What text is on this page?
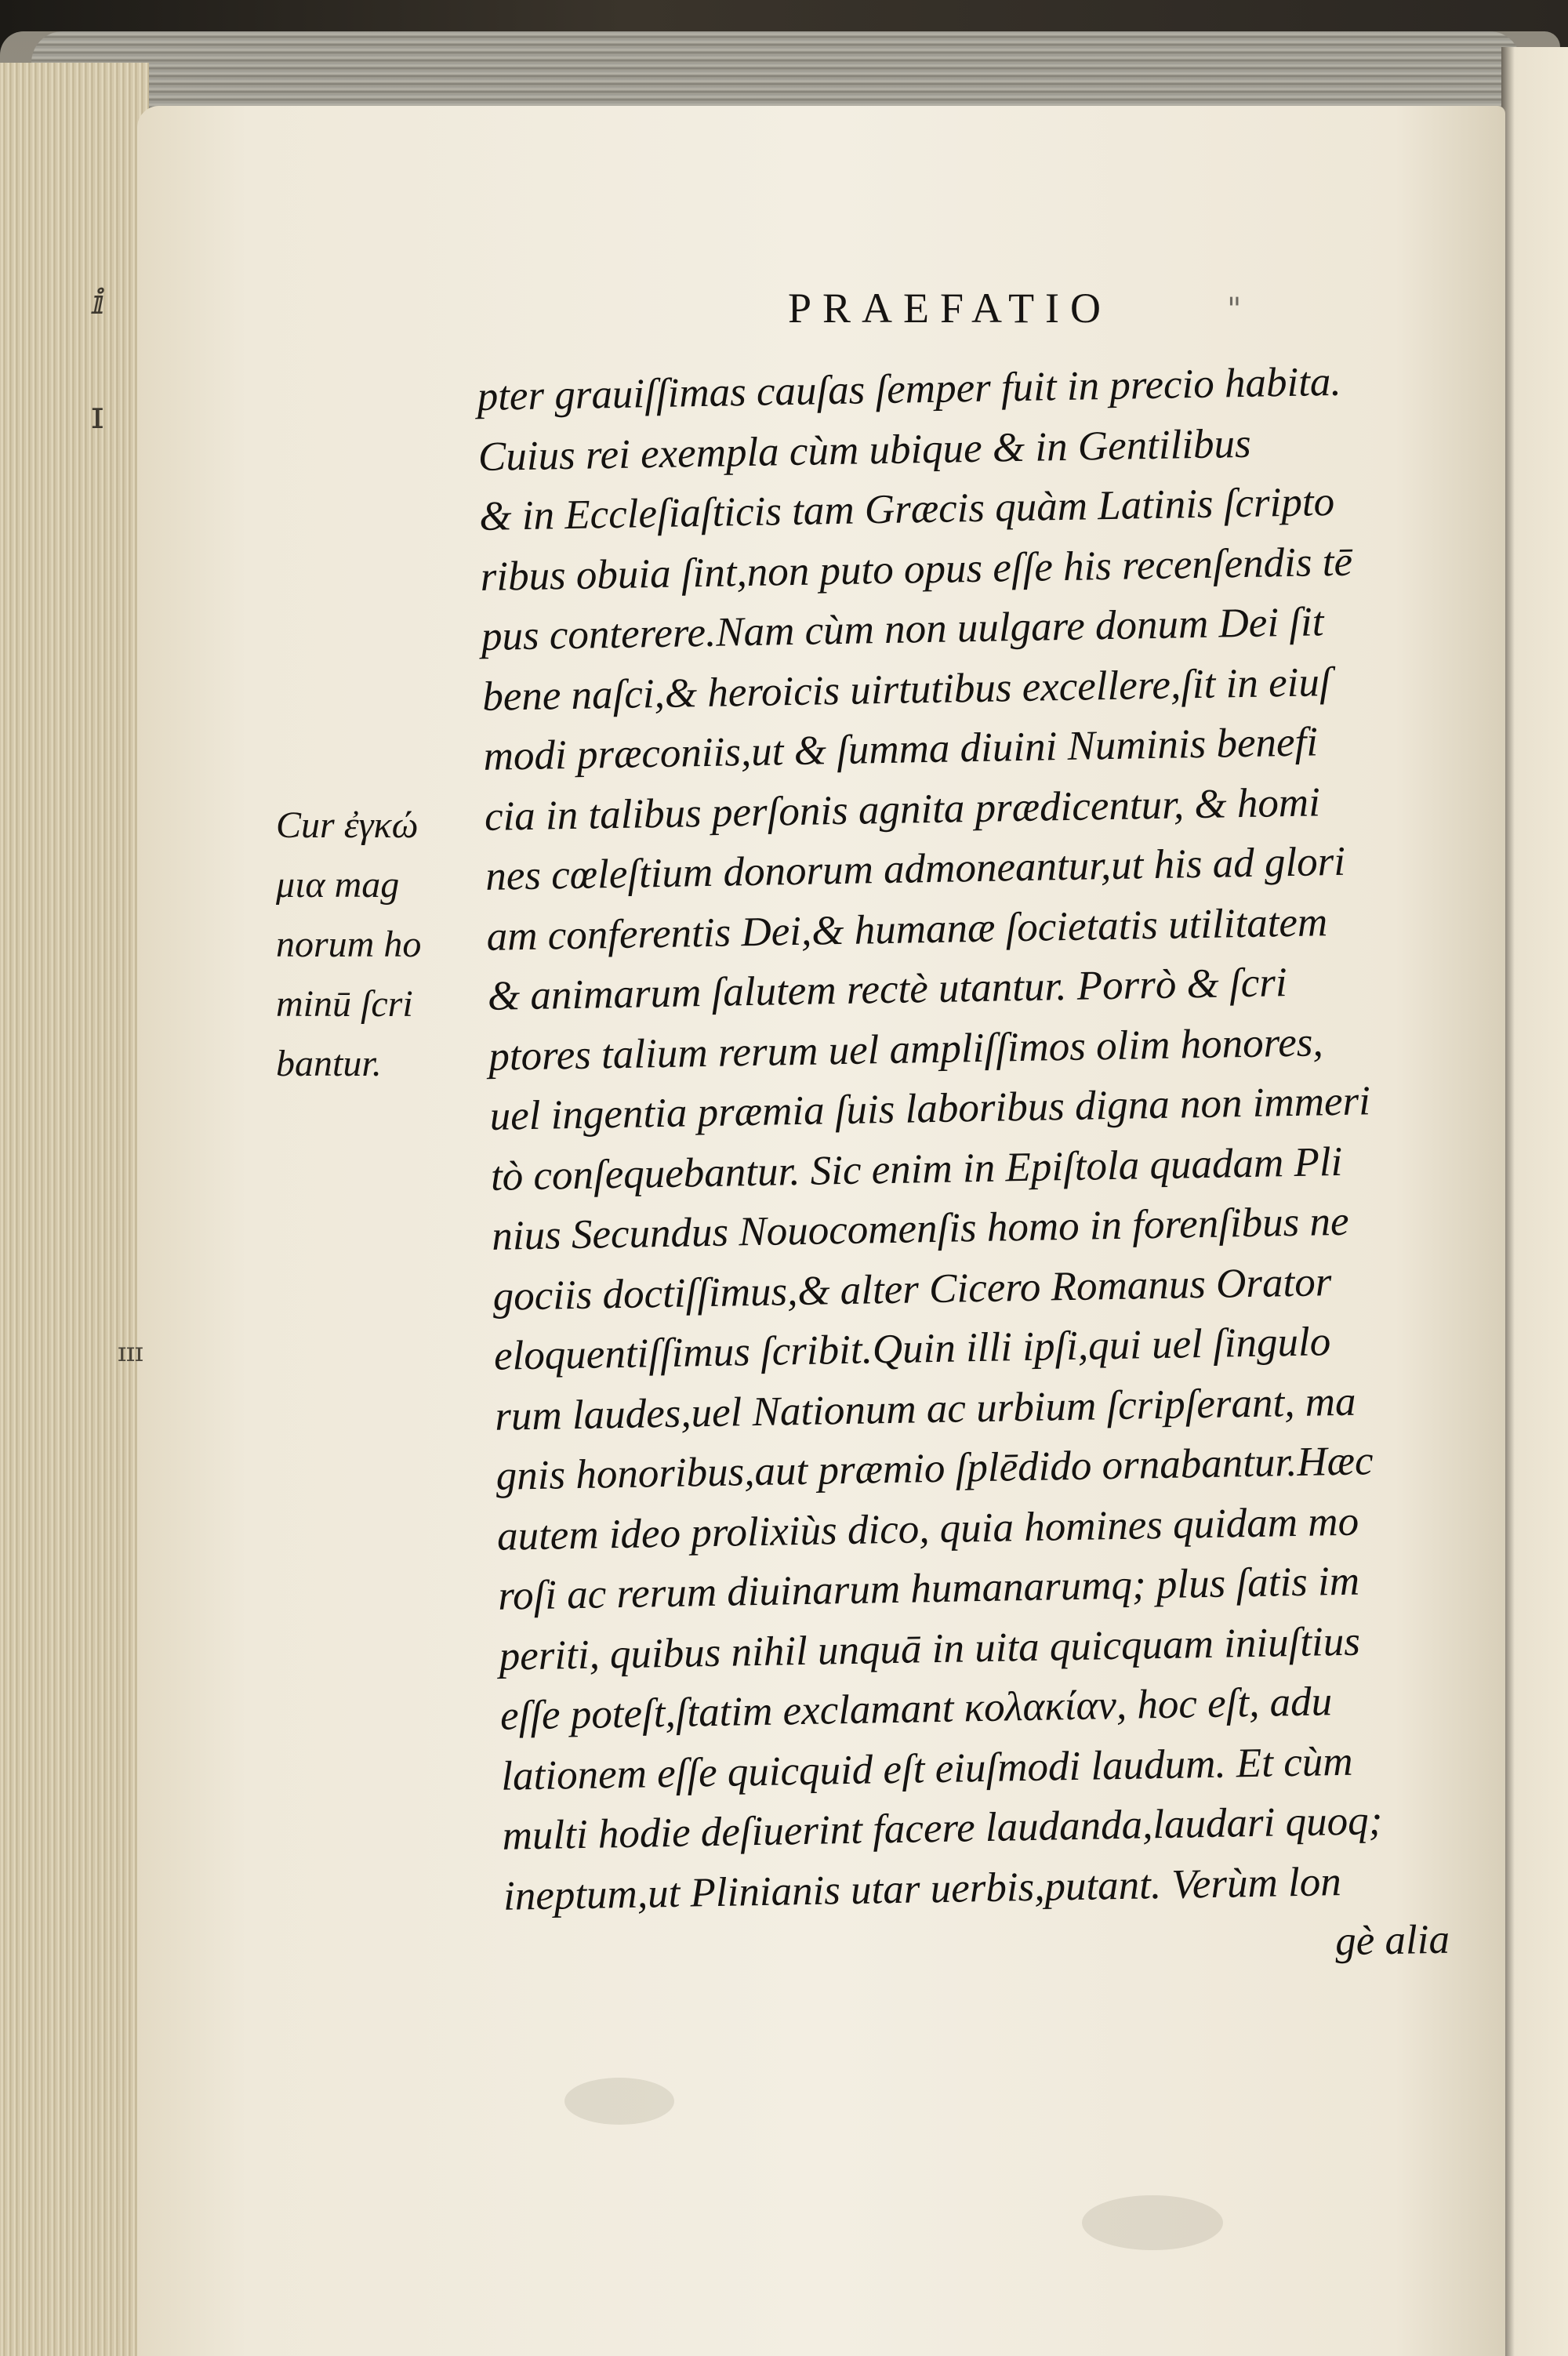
ⅈ
ɪ
ɪɪɪ
PRAEFATIO	"
Cur ἐγκώ
μια mag
norum ho
minū ſcri
bantur.
pter grauiſſimas cauſas ſemper fuit in precio habita.
Cuius rei exempla cùm ubique & in Gentilibus
& in Eccleſiaſticis tam Græcis quàm Latinis ſcripto
ribus obuia ſint,non puto opus eſſe his recenſendis tē
pus conterere.Nam cùm non uulgare donum Dei ſit
bene naſci,& heroicis uirtutibus excellere,ſit in eiuſ
modi præconiis,ut & ſumma diuini Numinis benefi
cia in talibus perſonis agnita prædicentur, & homi
nes cœleſtium donorum admoneantur,ut his ad glori
am conferentis Dei,& humanæ ſocietatis utilitatem
& animarum ſalutem rectè utantur. Porrò & ſcri
ptores talium rerum uel ampliſſimos olim honores,
uel ingentia præmia ſuis laboribus digna non immeri
tò conſequebantur. Sic enim in Epiſtola quadam Pli
nius Secundus Nouocomenſis homo in forenſibus ne
gociis doctiſſimus,& alter Cicero Romanus Orator
eloquentiſſimus ſcribit.Quin illi ipſi,qui uel ſingulo
rum laudes,uel Nationum ac urbium ſcripſerant, ma
gnis honoribus,aut præmio ſplēdido ornabantur.Hæc
autem ideo prolixiùs dico, quia homines quidam mo
roſi ac rerum diuinarum humanarumq; plus ſatis im
periti, quibus nihil unquā in uita quicquam iniuſtius
eſſe poteſt,ſtatim exclamant κολακίαν, hoc eſt, adu
lationem eſſe quicquid eſt eiuſmodi laudum. Et cùm
multi hodie deſiuerint facere laudanda,laudari quoq;
ineptum,ut Plinianis utar uerbis,putant. Verùm lon
gè alia
